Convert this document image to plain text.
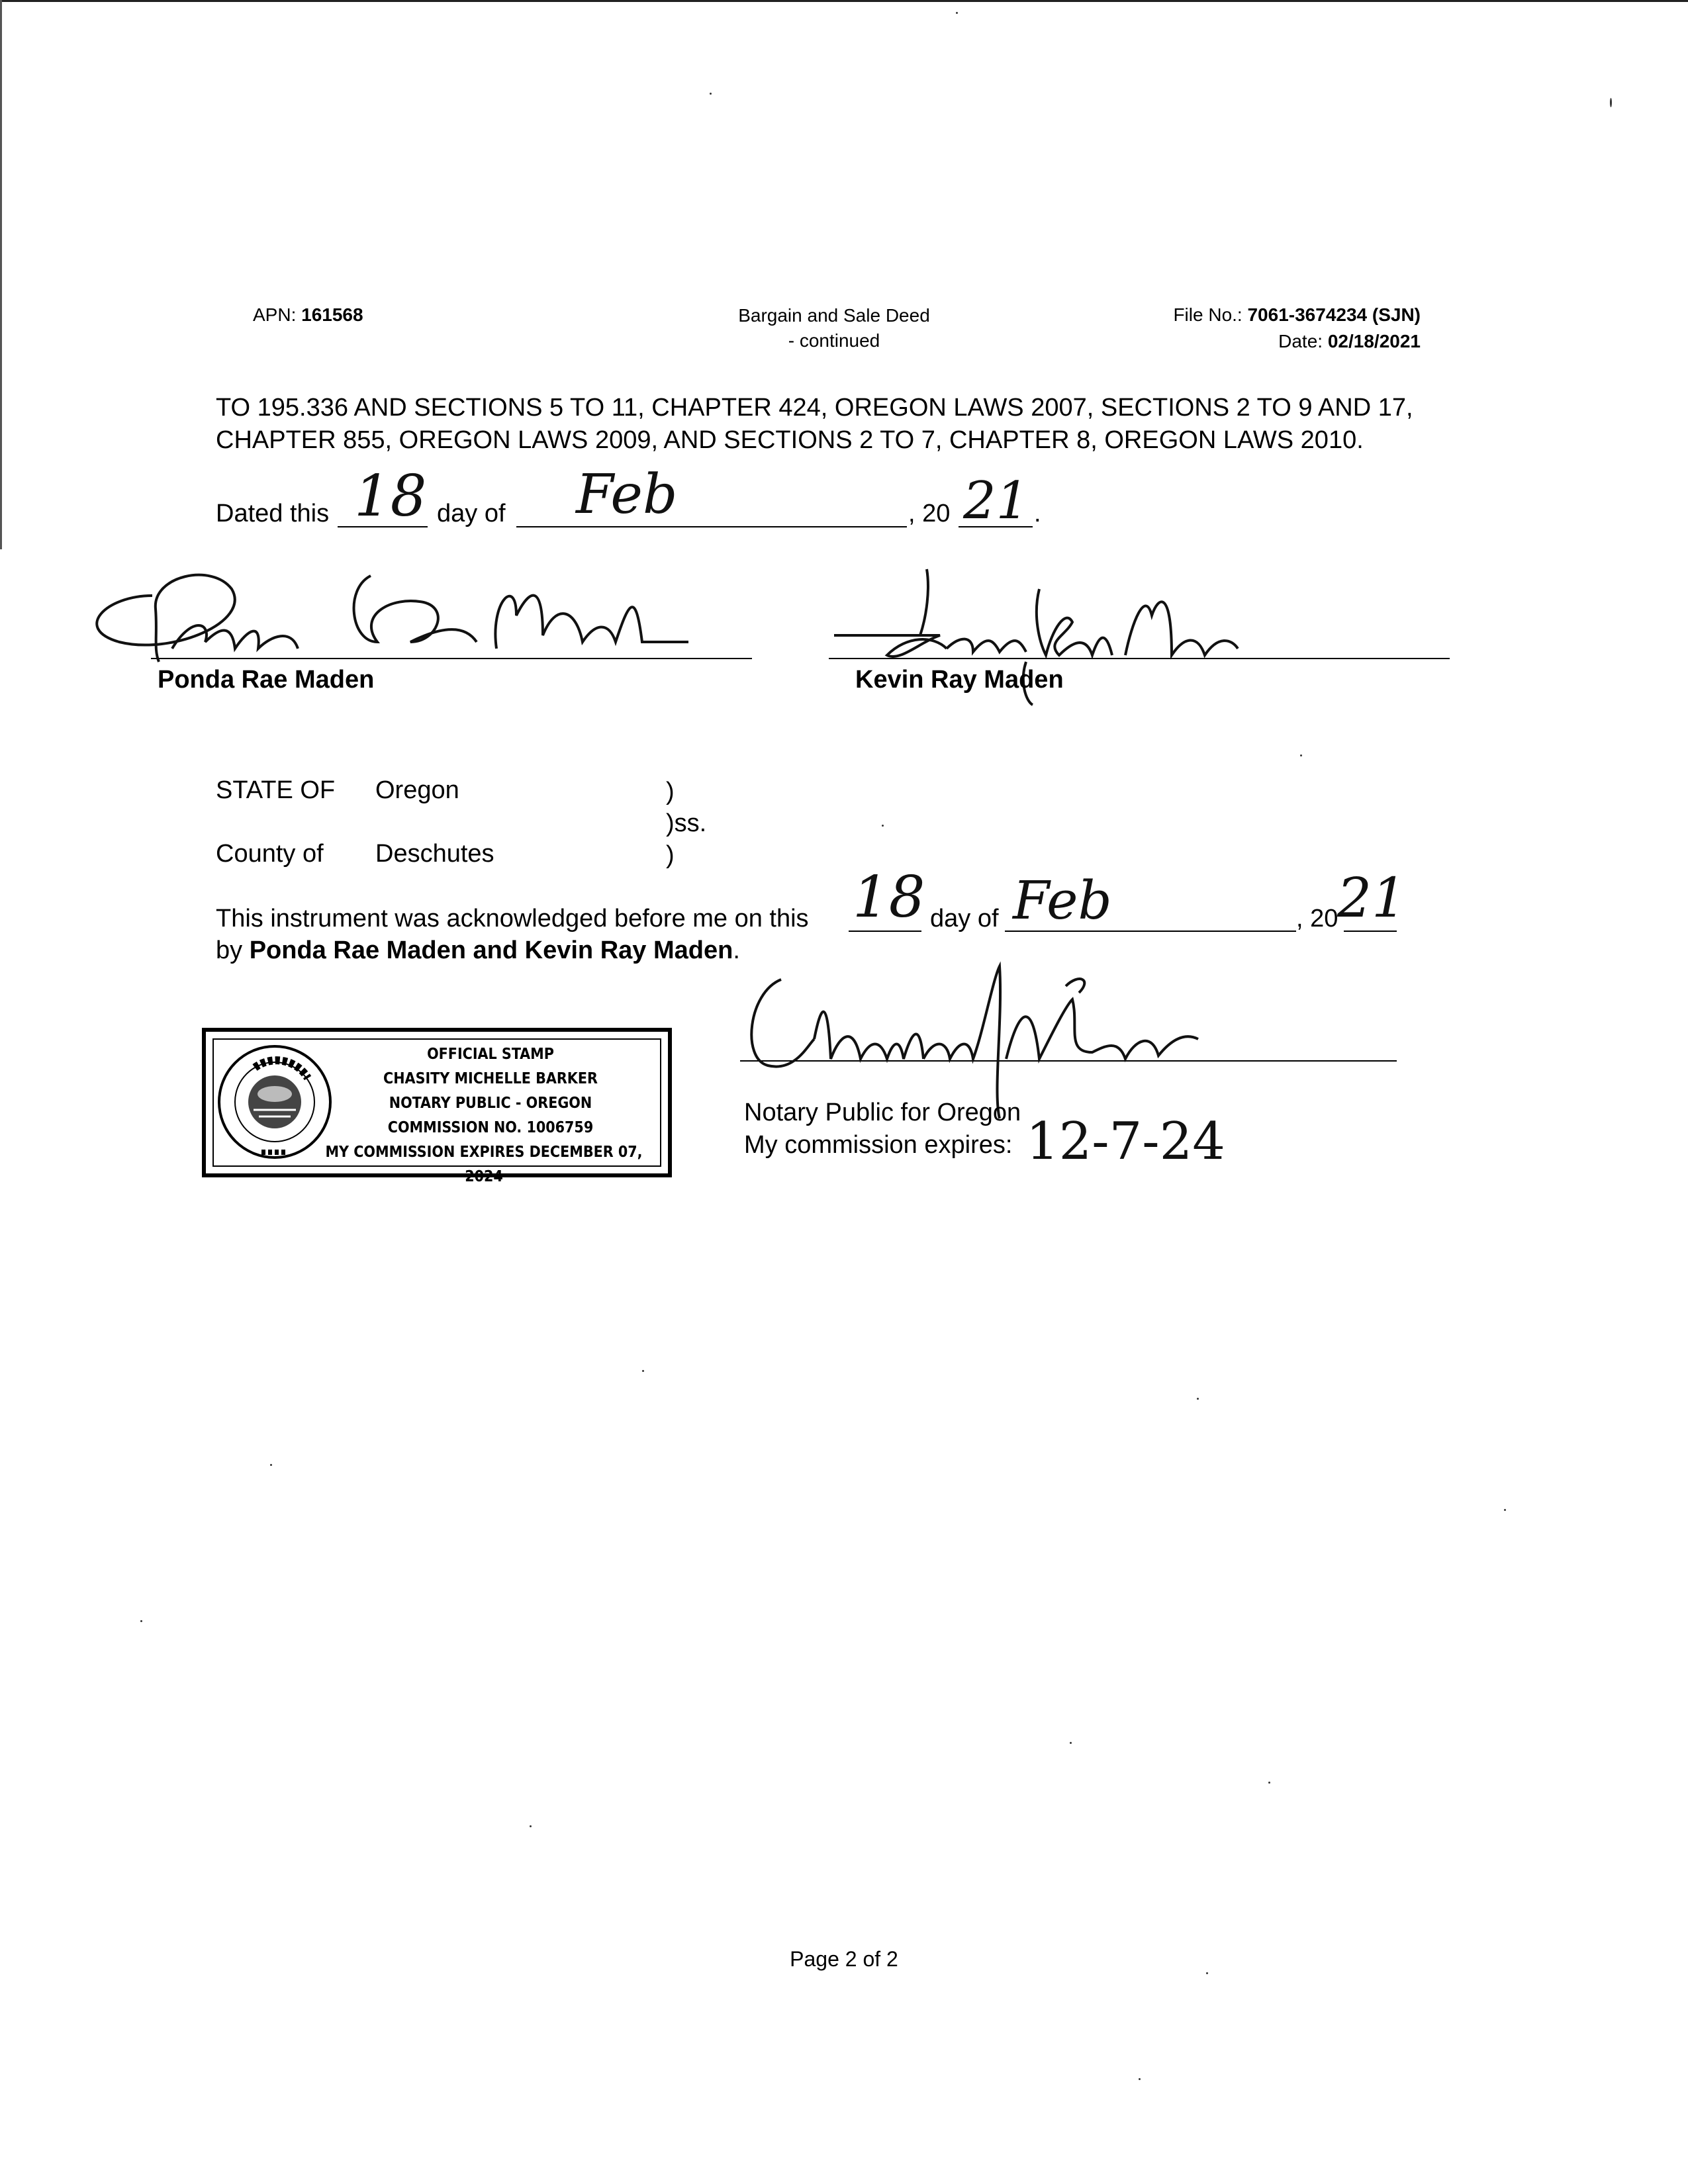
APN: 161568	Bargain and Sale Deed
- continued
File No.: 7061-3674234 (SJN)
Date: 02/18/2021
TO 195.336 AND SECTIONS 5 TO 11, CHAPTER 424, OREGON LAWS 2007, SECTIONS 2 TO 9 AND 17,
CHAPTER 855, OREGON LAWS 2009, AND SECTIONS 2 TO 7, CHAPTER 8, OREGON LAWS 2010.
Dated this 18 day of Feb	, 20 21 .
Ponda Rae Maden	Kevin Ray Maden
STATE OF Oregon	)
)ss.
County of Deschutes	)
This instrument was acknowledged before me on this 18 day of Feb	, 20
21
by Ponda Rae Maden and Kevin Ray Maden.
OFFICIAL STAMP
CHASITY MICHELLE BARKER
NOTARY PUBLIC - OREGON
COMMISSION NO. 1006759
MY COMMISSION EXPIRES DECEMBER 07, 2024
Notary Public for Oregon
My commission expires: 12-7-24
Page 2 of 2
